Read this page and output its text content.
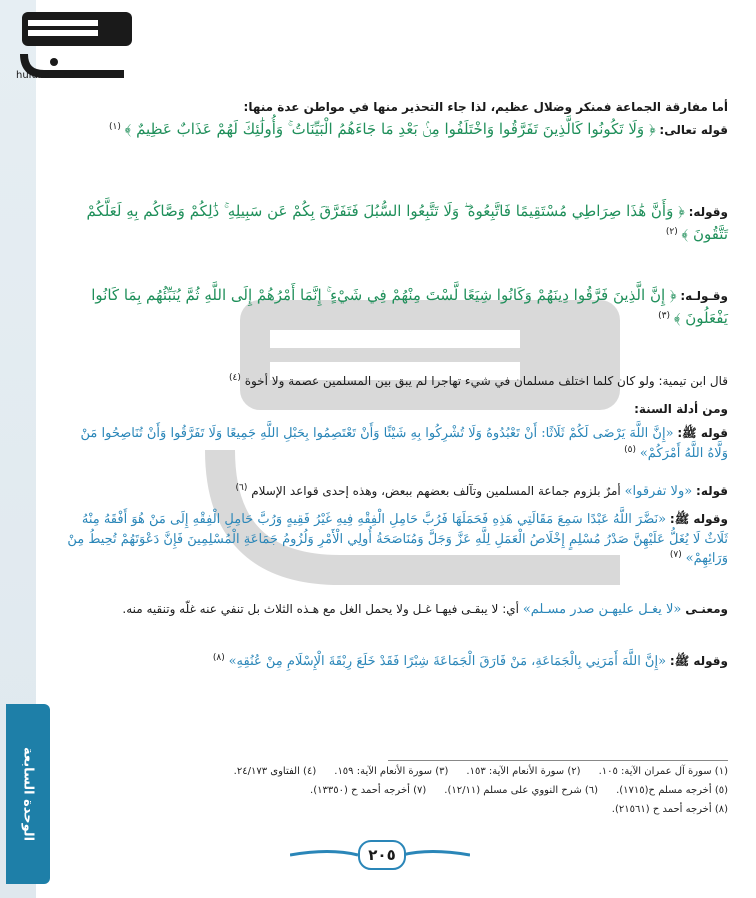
الوحدة السابعة
hulul.online
أما مفارقة الجماعة فمنكر وضلال عظيم، لذا جاء التحذير منها في مواطن عدة منها:
قوله تعالى: ﴿ وَلَا تَكُونُوا كَالَّذِينَ تَفَرَّقُوا وَاخْتَلَفُوا مِنۢ بَعْدِ مَا جَاءَهُمُ الْبَيِّنَاتُ ۚ وَأُولَٰئِكَ لَهُمْ عَذَابٌ عَظِيمٌ ﴾ $^{(١)}$
وقوله: ﴿ وَأَنَّ هَٰذَا صِرَاطِي مُسْتَقِيمًا فَاتَّبِعُوهُ ۖ وَلَا تَتَّبِعُوا السُّبُلَ فَتَفَرَّقَ بِكُمْ عَن سَبِيلِهِ ۚ ذَٰلِكُمْ وَصَّاكُم بِهِ لَعَلَّكُمْ تَتَّقُونَ ﴾ $^{(٢)}$
وقـولـه: ﴿ إِنَّ الَّذِينَ فَرَّقُوا دِينَهُمْ وَكَانُوا شِيَعًا لَّسْتَ مِنْهُمْ فِي شَيْءٍ ۚ إِنَّمَا أَمْرُهُمْ إِلَى اللَّهِ ثُمَّ يُنَبِّئُهُم بِمَا كَانُوا يَفْعَلُونَ ﴾ $^{(٣)}$
قال ابن تيمية: ولو كان كلما اختلف مسلمان في شيء تهاجرا لم يبق بين المسلمين عصمة ولا أخوة $^{(٤)}$
ومن أدلة السنة:
قوله ﷺ: «إِنَّ اللَّهَ يَرْضَى لَكُمْ ثَلَاثًا: أَنْ تَعْبُدُوهُ وَلَا تُشْرِكُوا بِهِ شَيْئًا وَأَنْ تَعْتَصِمُوا بِحَبْلِ اللَّهِ جَمِيعًا وَلَا تَفَرَّقُوا وَأَنْ تُنَاصِحُوا مَنْ وَلَّاهُ اللَّهُ أَمْرَكُمْ» $^{(٥)}$
قوله: «ولا تفرقوا» أمرٌ بلزوم جماعة المسلمين وتآلف بعضهم ببعض، وهذه إحدى قواعد الإسلام $^{(٦)}$
وقوله ﷺ: «نَضَّرَ اللَّهُ عَبْدًا سَمِعَ مَقَالَتِي هَذِهِ فَحَمَلَهَا فَرُبَّ حَامِلِ الْفِقْهِ فِيهِ غَيْرُ فَقِيهٍ وَرُبَّ حَامِلِ الْفِقْهِ إِلَى مَنْ هُوَ أَفْقَهُ مِنْهُ ثَلَاثٌ لَا يُغَلُّ عَلَيْهِنَّ صَدْرُ مُسْلِمٍ إِخْلَاصُ الْعَمَلِ لِلَّهِ عَزَّ وَجَلَّ وَمُنَاصَحَةُ أُولِي الْأَمْرِ وَلُزُومُ جَمَاعَةِ الْمُسْلِمِينَ فَإِنَّ دَعْوَتَهُمْ تُحِيطُ مِنْ وَرَائِهِمْ» $^{(٧)}$
ومعنـى «لا يغـل عليهـن صدر مسـلم» أي: لا يبقـى فيهـا غـل ولا يحمل الغل مع هـذه الثلاث بل تنفي عنه غلّه وتنقيه منه.
وقوله ﷺ: «إِنَّ اللَّهَ أَمَرَنِي بِالْجَمَاعَةِ، مَنْ فَارَقَ الْجَمَاعَةَ شِبْرًا فَقَدْ خَلَعَ رِبْقَةَ الْإِسْلَامِ مِنْ عُنُقِهِ» $^{(٨)}$
(١) سورة آل عمران الآية: ١٠٥.
(٢) سورة الأنعام الآية: ١٥٣.
(٣) سورة الأنعام الآية: ١٥٩.
(٤) الفتاوى ٢٤/١٧٣.
(٥) أخرجه مسلم ح(١٧١٥).
(٦) شرح النووي على مسلم (١٢/١١).
(٧) أخرجه أحمد ح (١٣٣٥٠).
(٨) أخرجه أحمد ح (٢١٥٦١).
٢٠٥
